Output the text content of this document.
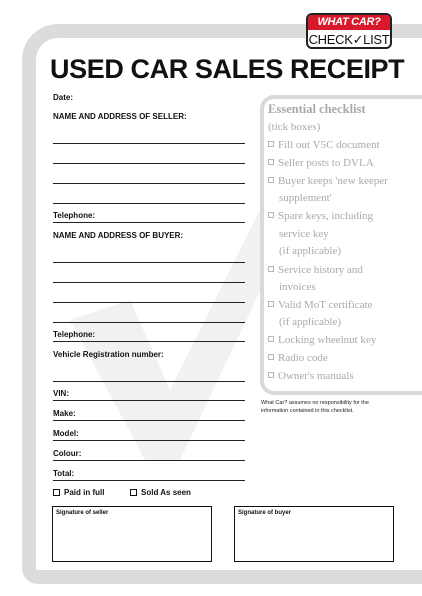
WHAT CAR?
CHECK✓LIST
USED CAR SALES RECEIPT
Date:
NAME AND ADDRESS OF SELLER:
Telephone:
NAME AND ADDRESS OF BUYER:
Telephone:
Vehicle Registration number:
VIN:
Make:
Model:
Colour:
Total:
Essential checklist
(tick boxes)
Fill out V5C document
Seller posts to DVLA
Buyer keeps 'new keeper
supplement'
Spare keys, including
service key
(if applicable)
Service history and
invoices
Valid MoT certificate
(if applicable)
Locking wheelnut key
Radio code
Owner's manuals
What Car? assumes no responsibility for the
information contained in this checklist.
Paid in full	Sold As seen
Signature of seller	Signature of buyer
